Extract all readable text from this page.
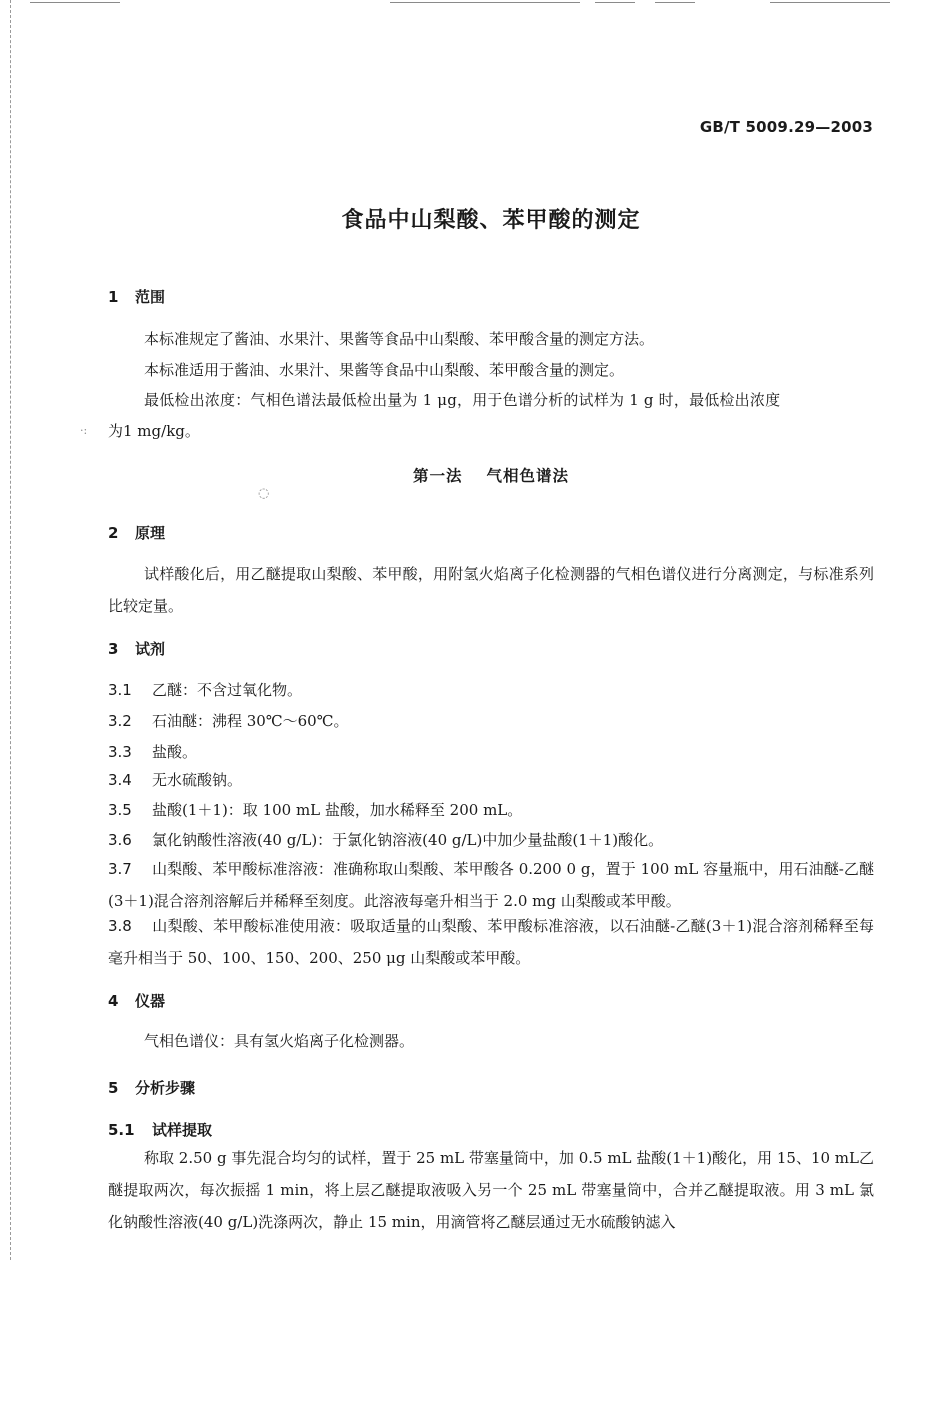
GB/T 5009.29—2003
食品中山梨酸、苯甲酸的测定
1 范围

本标准规定了酱油、水果汁、果酱等食品中山梨酸、苯甲酸含量的测定方法。

本标准适用于酱油、水果汁、果酱等食品中山梨酸、苯甲酸含量的测定。

最低检出浓度：气相色谱法最低检出量为 1 μg，用于色谱分析的试样为 1 g 时，最低检出浓度

为1 mg/kg。

·:
第一法 气相色谱法
◌
2 原理

试样酸化后，用乙醚提取山梨酸、苯甲酸，用附氢火焰离子化检测器的气相色谱仪进行分离测定，与标准系列比较定量。

3 试剂

3.1 乙醚：不含过氧化物。

3.2 石油醚：沸程 30℃～60℃。

3.3 盐酸。

3.4 无水硫酸钠。

3.5 盐酸(1＋1)：取 100 mL 盐酸，加水稀释至 200 mL。

3.6 氯化钠酸性溶液(40 g/L)：于氯化钠溶液(40 g/L)中加少量盐酸(1＋1)酸化。

3.7 山梨酸、苯甲酸标准溶液：准确称取山梨酸、苯甲酸各 0.200 0 g，置于 100 mL 容量瓶中，用石油醚-乙醚(3＋1)混合溶剂溶解后并稀释至刻度。此溶液每毫升相当于 2.0 mg 山梨酸或苯甲酸。

3.8 山梨酸、苯甲酸标准使用液：吸取适量的山梨酸、苯甲酸标准溶液，以石油醚-乙醚(3＋1)混合溶剂稀释至每毫升相当于 50、100、150、200、250 μg 山梨酸或苯甲酸。

4 仪器

气相色谱仪：具有氢火焰离子化检测器。

5 分析步骤
5.1 试样提取

称取 2.50 g 事先混合均匀的试样，置于 25 mL 带塞量筒中，加 0.5 mL 盐酸(1＋1)酸化，用 15、10 mL乙醚提取两次，每次振摇 1 min，将上层乙醚提取液吸入另一个 25 mL 带塞量筒中，合并乙醚提取液。用 3 mL 氯化钠酸性溶液(40 g/L)洗涤两次，静止 15 min，用滴管将乙醚层通过无水硫酸钠滤入
